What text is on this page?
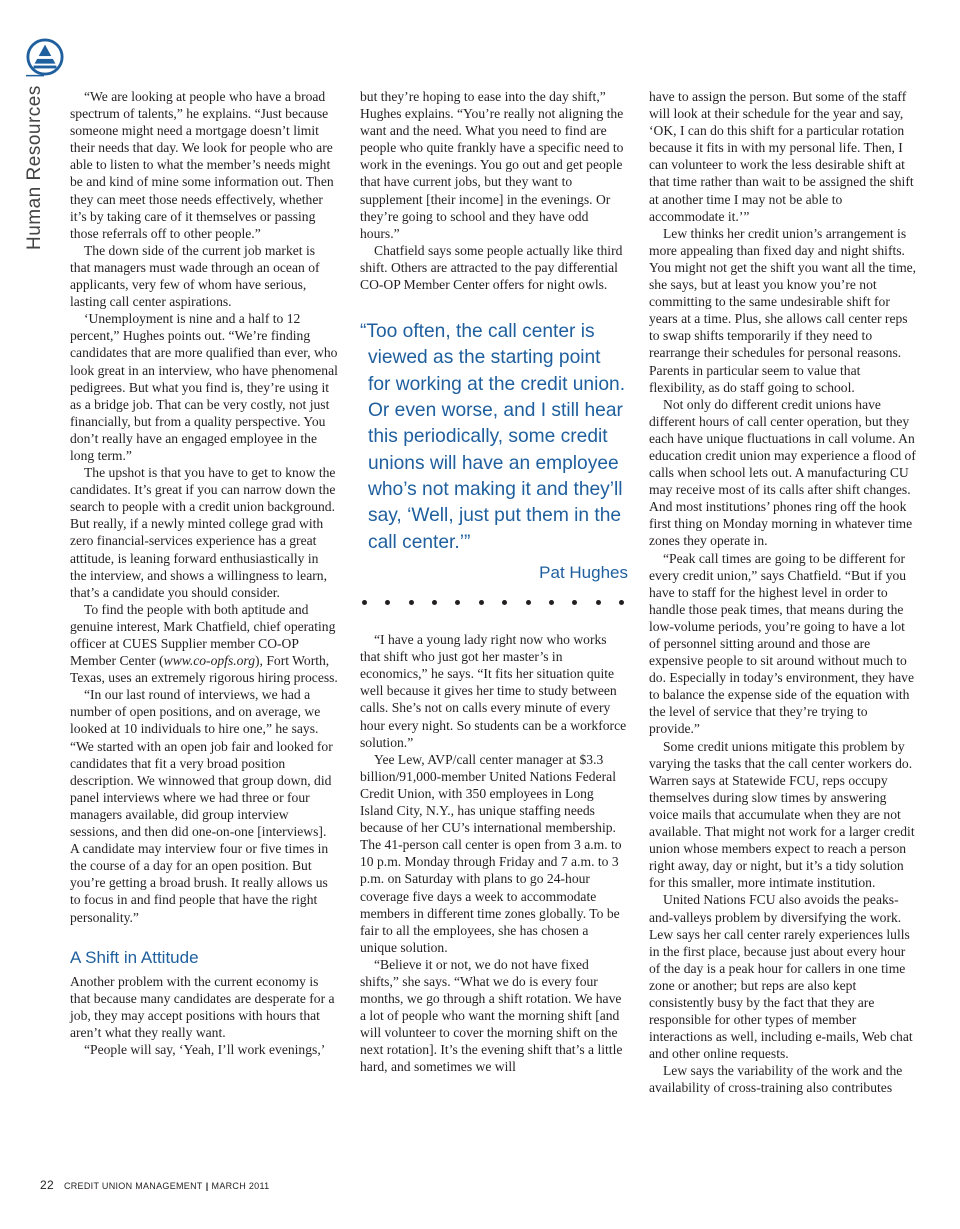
Human Resources|

“We are looking at people who have a broad spectrum of talents,” he explains. “Just because someone might need a mortgage doesn’t limit their needs that day. We look for people who are able to listen to what the member’s needs might be and kind of mine some information out. Then they can meet those needs effectively, whether it’s by taking care of it themselves or passing those referrals off to other people.”

The down side of the current job market is that managers must wade through an ocean of applicants, very few of whom have serious, lasting call center aspirations.

‘Unemployment is nine and a half to 12 percent,” Hughes points out. “We’re finding candidates that are more qualified than ever, who look great in an interview, who have phenomenal pedigrees. But what you find is, they’re using it as a bridge job. That can be very costly, not just financially, but from a quality perspective. You don’t really have an engaged employee in the long term.”

The upshot is that you have to get to know the candidates. It’s great if you can narrow down the search to people with a credit union background. But really, if a newly minted college grad with zero financial-services experience has a great attitude, is leaning forward enthusiastically in the interview, and shows a willingness to learn, that’s a candidate you should consider.

To find the people with both aptitude and genuine interest, Mark Chatfield, chief operating officer at CUES Supplier member CO-OP Member Center (www.co-opfs.org), Fort Worth, Texas, uses an extremely rigorous hiring process.

“In our last round of interviews, we had a number of open positions, and on average, we looked at 10 individuals to hire one,” he says. “We started with an open job fair and looked for candidates that fit a very broad position description. We winnowed that group down, did panel interviews where we had three or four managers available, did group interview sessions, and then did one-on-one [interviews]. A candidate may interview four or five times in the course of a day for an open position. But you’re getting a broad brush. It really allows us to focus in and find people that have the right personality.”

A Shift in Attitude

Another problem with the current economy is that because many candidates are desperate for a job, they may accept positions with hours that aren’t what they really want.

“People will say, ‘Yeah, I’ll work evenings,’

but they’re hoping to ease into the day shift,” Hughes explains. “You’re really not aligning the want and the need. What you need to find are people who quite frankly have a specific need to work in the evenings. You go out and get people that have current jobs, but they want to supplement [their income] in the evenings. Or they’re going to school and they have odd hours.”

Chatfield says some people actually like third shift. Others are attracted to the pay differential CO-OP Member Center offers for night owls.

“Too often, the call center is viewed as the starting point for working at the credit union. Or even worse, and I still hear this periodically, some credit unions will have an employee who’s not making it and they’ll say, ‘Well, just put them in the call center.’”
Pat Hughes

“I have a young lady right now who works that shift who just got her master’s in economics,” he says. “It fits her situation quite well because it gives her time to study between calls. She’s not on calls every minute of every hour every night. So students can be a workforce solution.”

Yee Lew, AVP/call center manager at $3.3 billion/91,000-member United Nations Federal Credit Union, with 350 employees in Long Island City, N.Y., has unique staffing needs because of her CU’s international membership. The 41-person call center is open from 3 a.m. to 10 p.m. Monday through Friday and 7 a.m. to 3 p.m. on Saturday with plans to go 24-hour coverage five days a week to accommodate members in different time zones globally. To be fair to all the employees, she has chosen a unique solution.

“Believe it or not, we do not have fixed shifts,” she says. “What we do is every four months, we go through a shift rotation. We have a lot of people who want the morning shift [and will volunteer to cover the morning shift on the next rotation]. It’s the evening shift that’s a little hard, and sometimes we will

have to assign the person. But some of the staff will look at their schedule for the year and say, ‘OK, I can do this shift for a particular rotation because it fits in with my personal life. Then, I can volunteer to work the less desirable shift at that time rather than wait to be assigned the shift at another time I may not be able to accommodate it.’”

Lew thinks her credit union’s arrangement is more appealing than fixed day and night shifts. You might not get the shift you want all the time, she says, but at least you know you’re not committing to the same undesirable shift for years at a time. Plus, she allows call center reps to swap shifts temporarily if they need to rearrange their schedules for personal reasons. Parents in particular seem to value that flexibility, as do staff going to school.

Not only do different credit unions have different hours of call center operation, but they each have unique fluctuations in call volume. An education credit union may experience a flood of calls when school lets out. A manufacturing CU may receive most of its calls after shift changes. And most institutions’ phones ring off the hook first thing on Monday morning in whatever time zones they operate in.

“Peak call times are going to be different for every credit union,” says Chatfield. “But if you have to staff for the highest level in order to handle those peak times, that means during the low-volume periods, you’re going to have a lot of personnel sitting around and those are expensive people to sit around without much to do. Especially in today’s environment, they have to balance the expense side of the equation with the level of service that they’re trying to provide.”

Some credit unions mitigate this problem by varying the tasks that the call center workers do. Warren says at Statewide FCU, reps occupy themselves during slow times by answering voice mails that accumulate when they are not available. That might not work for a larger credit union whose members expect to reach a person right away, day or night, but it’s a tidy solution for this smaller, more intimate institution.

United Nations FCU also avoids the peaks-and-valleys problem by diversifying the work. Lew says her call center rarely experiences lulls in the first place, because just about every hour of the day is a peak hour for callers in one time zone or another; but reps are also kept consistently busy by the fact that they are responsible for other types of member interactions as well, including e-mails, Web chat and other online requests.

Lew says the variability of the work and the availability of cross-training also contributes

22 CREDIT UNION MANAGEMENT | MARCH 2011
